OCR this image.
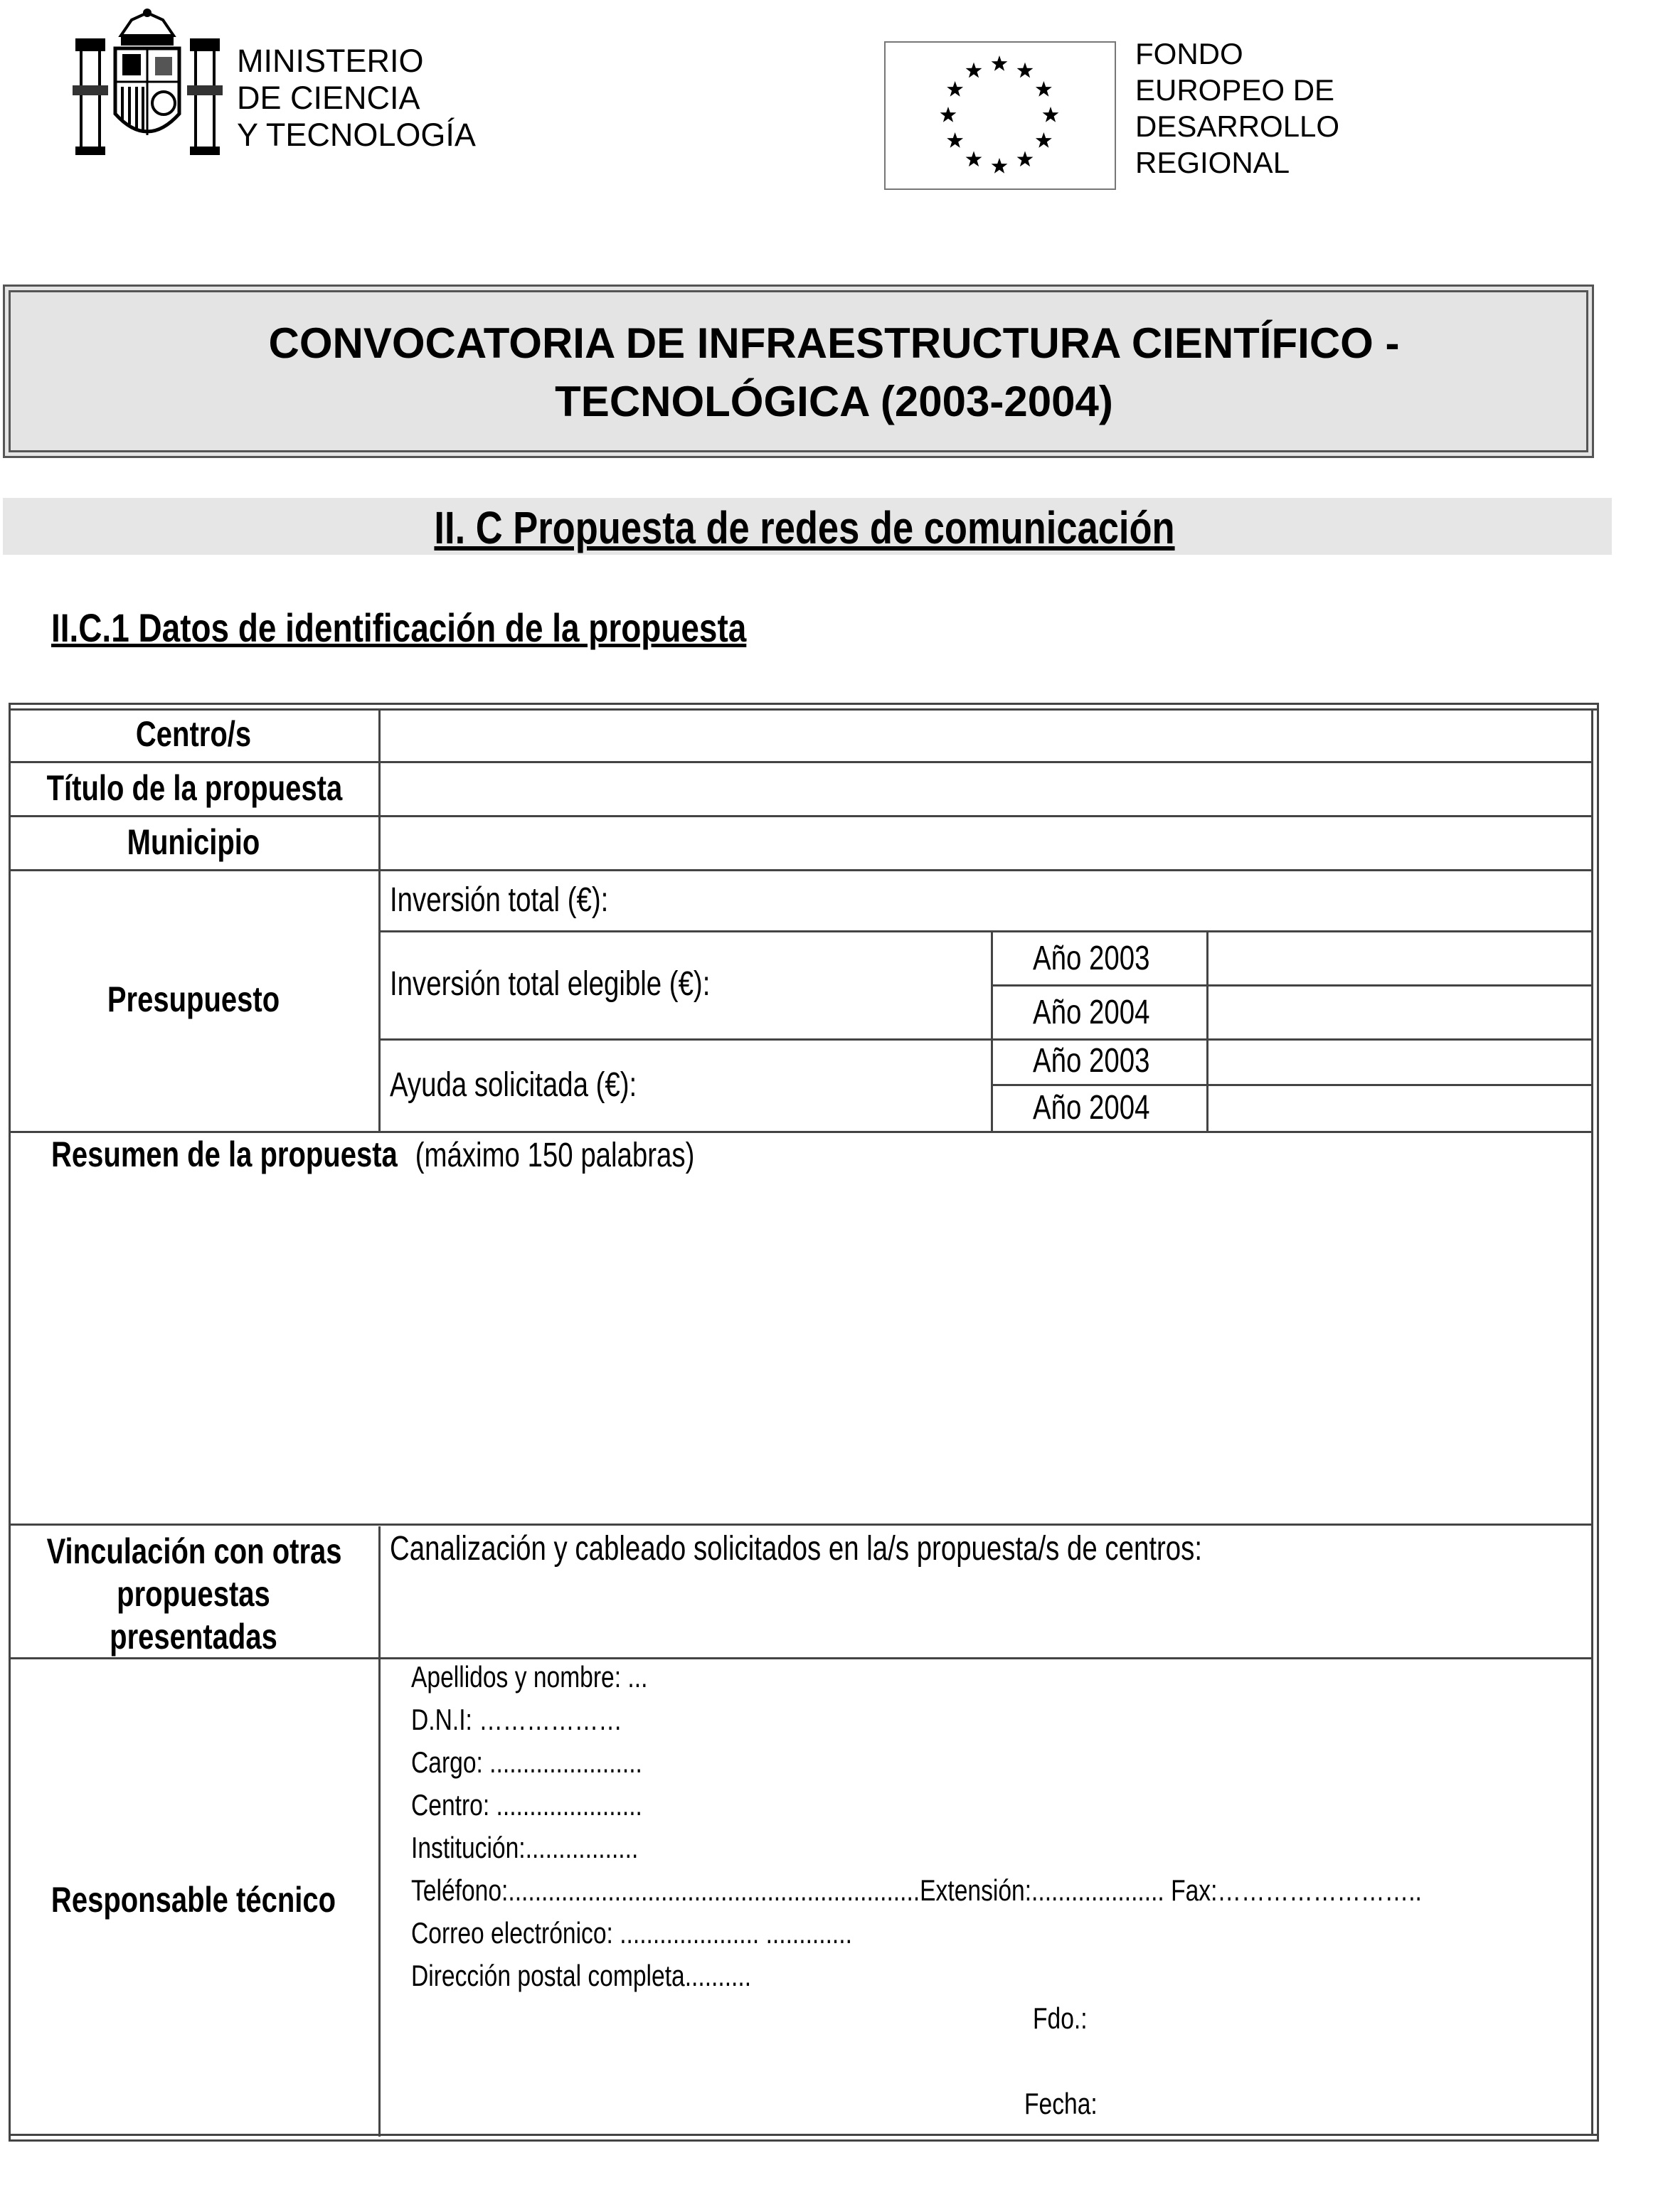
MINISTERIO
DE CIENCIA
Y TECNOLOGÍA
FONDO
EUROPEO DE
DESARROLLO
REGIONAL
CONVOCATORIA DE INFRAESTRUCTURA CIENTÍFICO -
TECNOLÓGICA (2003-2004)
II. C Propuesta de redes de comunicación
II.C.1 Datos de identificación de la propuesta
Centro/s
Título de la propuesta
Municipio
Presupuesto
Inversión total (€):
Inversión total elegible (€):
Ayuda solicitada (€):
Año 2003
Año 2004
Año 2003
Año 2004
Resumen de la propuesta (máximo 150 palabras)
Vinculación con otras
propuestas
presentadas
Canalización y cableado solicitados en la/s propuesta/s de centros:
Responsable técnico
Apellidos y nombre: ...
D.N.I: ………………
Cargo: .......................
Centro: ......................
Institución:.................
Teléfono:..............................................................Extensión:.................... Fax:……………………..
Correo electrónico: ..................... .............
Dirección postal completa..........
Fdo.:
Fecha:
